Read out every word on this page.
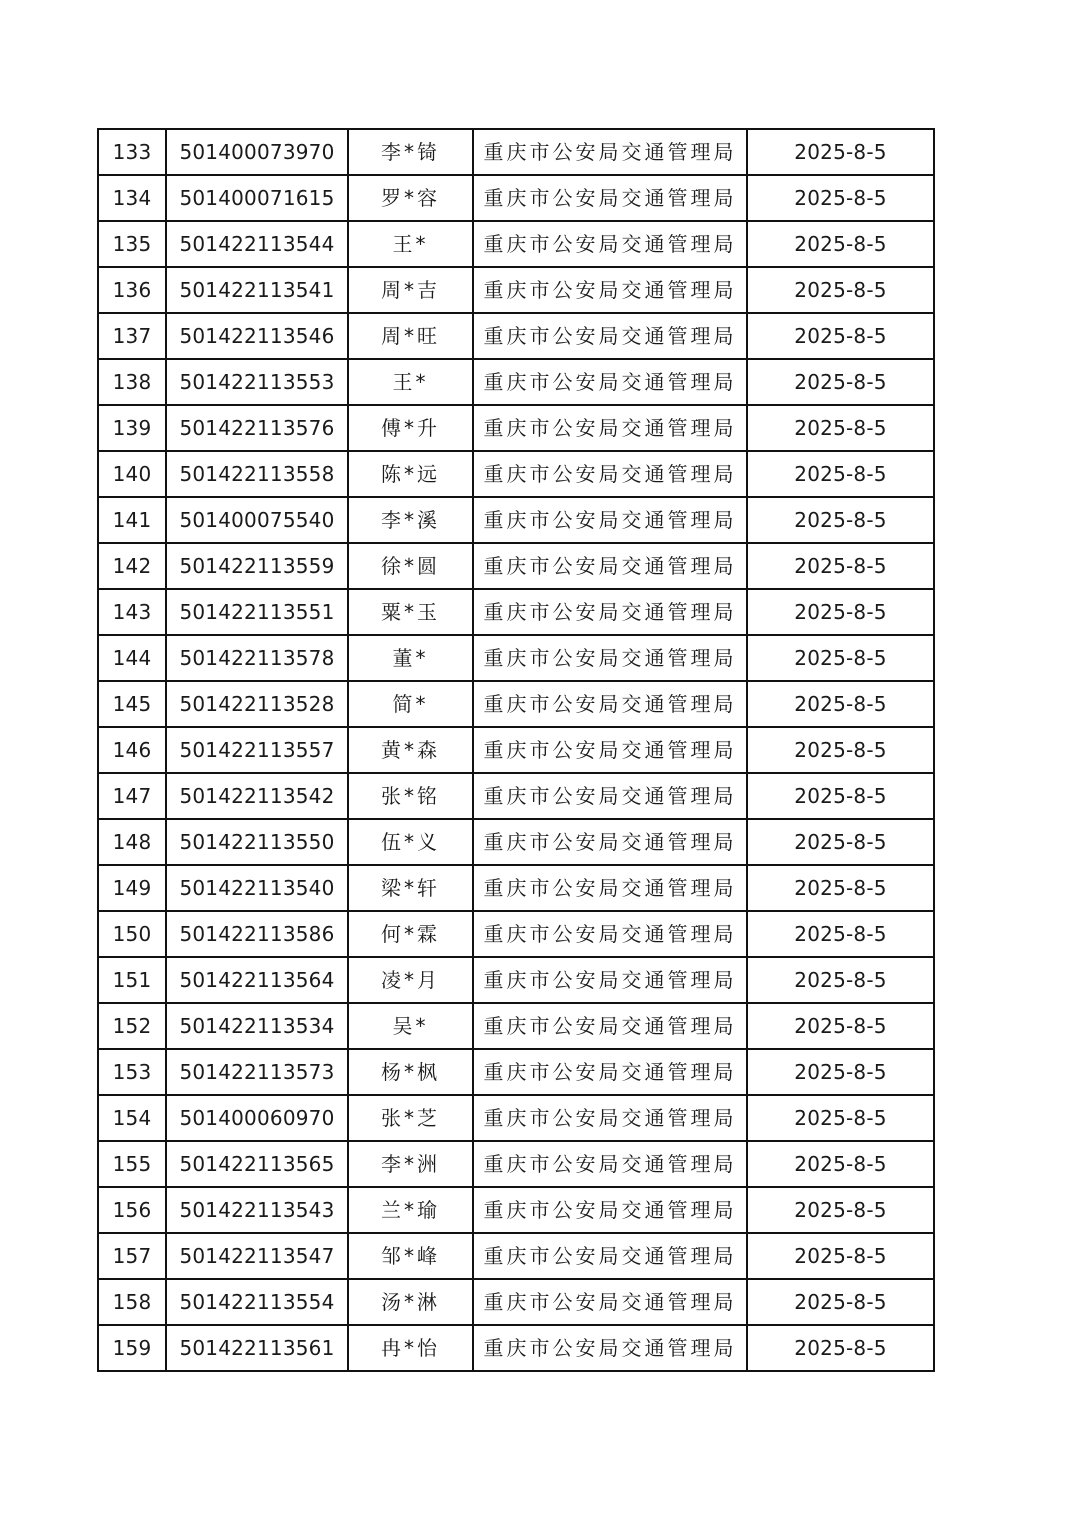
133	501400073970	李*锜	重庆市公安局交通管理局	2025-8-5
134	501400071615	罗*容	重庆市公安局交通管理局	2025-8-5
135	501422113544	王*	重庆市公安局交通管理局	2025-8-5
136	501422113541	周*吉	重庆市公安局交通管理局	2025-8-5
137	501422113546	周*旺	重庆市公安局交通管理局	2025-8-5
138	501422113553	王*	重庆市公安局交通管理局	2025-8-5
139	501422113576	傅*升	重庆市公安局交通管理局	2025-8-5
140	501422113558	陈*远	重庆市公安局交通管理局	2025-8-5
141	501400075540	李*溪	重庆市公安局交通管理局	2025-8-5
142	501422113559	徐*圆	重庆市公安局交通管理局	2025-8-5
143	501422113551	粟*玉	重庆市公安局交通管理局	2025-8-5
144	501422113578	董*	重庆市公安局交通管理局	2025-8-5
145	501422113528	简*	重庆市公安局交通管理局	2025-8-5
146	501422113557	黄*森	重庆市公安局交通管理局	2025-8-5
147	501422113542	张*铭	重庆市公安局交通管理局	2025-8-5
148	501422113550	伍*义	重庆市公安局交通管理局	2025-8-5
149	501422113540	梁*轩	重庆市公安局交通管理局	2025-8-5
150	501422113586	何*霖	重庆市公安局交通管理局	2025-8-5
151	501422113564	凌*月	重庆市公安局交通管理局	2025-8-5
152	501422113534	吴*	重庆市公安局交通管理局	2025-8-5
153	501422113573	杨*枫	重庆市公安局交通管理局	2025-8-5
154	501400060970	张*芝	重庆市公安局交通管理局	2025-8-5
155	501422113565	李*洲	重庆市公安局交通管理局	2025-8-5
156	501422113543	兰*瑜	重庆市公安局交通管理局	2025-8-5
157	501422113547	邹*峰	重庆市公安局交通管理局	2025-8-5
158	501422113554	汤*淋	重庆市公安局交通管理局	2025-8-5
159	501422113561	冉*怡	重庆市公安局交通管理局	2025-8-5
